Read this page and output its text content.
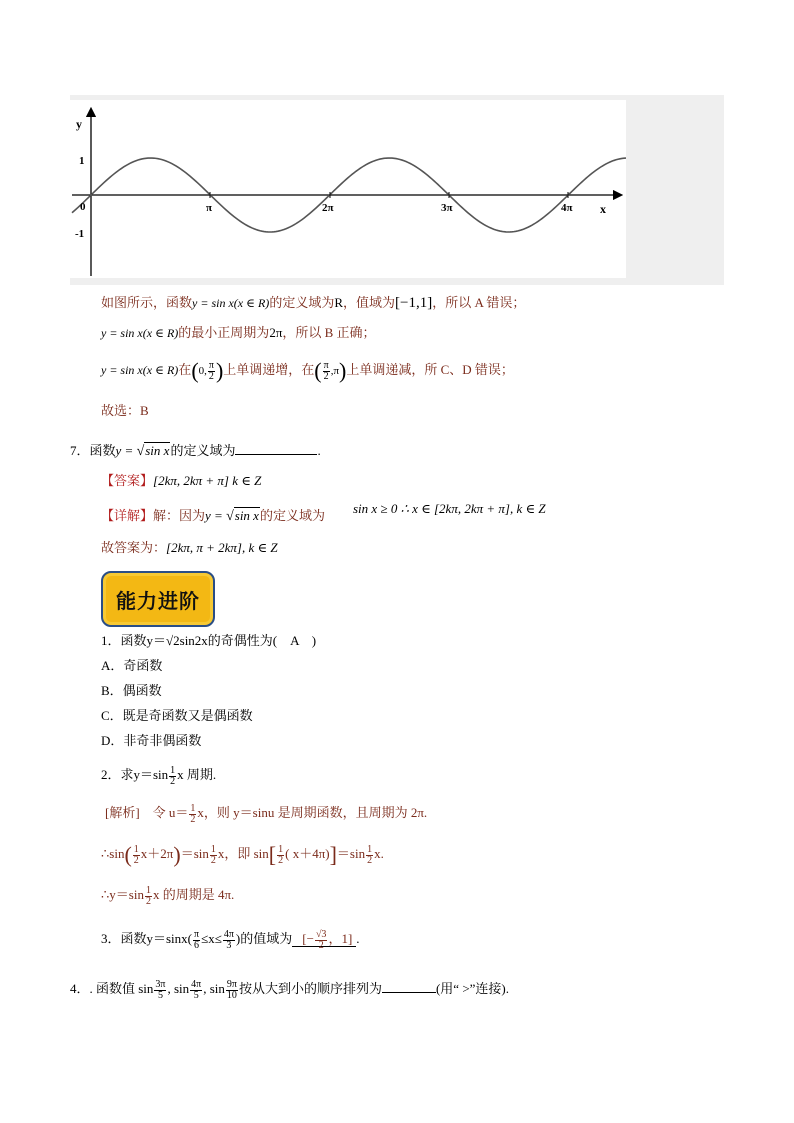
y
x
1
-1
0	π	2π	3π	4π
如图所示，函数y = sin x(x ∈ R)的定义域为R，值域为[−1,1]，所以 A 错误；
y = sin x(x ∈ R)的最小正周期为2π，所以 B 正确；
y = sin x(x ∈ R)在(0, $\frac{\pi}{2}$ )上单调递增，在( $\frac{\pi}{2} ,\pi$)上单调递减，所 C、D 错误；
故选：B
7．函数y = √sin x的定义域为	.
【答案】[2kπ, 2kπ + π] k ∈ Z
【详解】解：因为y = √sin x的定义域为 sin x ≥ 0 ∴ x ∈ [2kπ, 2kπ + π], k ∈ Z
故答案为：[2kπ, π + 2kπ], k ∈ Z
能力进阶
1．函数y＝√2sin2x的奇偶性为(　A　)
A．奇函数
B．偶函数
C．既是奇函数又是偶函数
D．非奇非偶函数
2．求$y=\sin \frac{1}{2}$ x 周期.
[解析]　令 $u= \frac{1}{2}$ x，则 y＝sinu 是周期函数，且周期为 2π.
∴sin( $\frac{1}{2} x+2\pi)=\sin \frac{1}{2}$ x，即 $\sin[ \frac{1}{2}$ ( $x+4\pi)]=\sin \frac{1}{2} x$.
∴y＝sin $\frac{1}{2}$ x 的周期是 4π.
3．函数$y=\sin x( \frac{\pi}{6} \le x\le \frac{4\pi}{3}$ )的值域为 [− $\frac{√3}{2}$ ，1] .
4．. 函数值 $\sin \frac{3\pi}{5}$ , $\sin \frac{4\pi}{5}$ , $\sin \frac{9\pi}{10}$ 按从大到小的顺序排列为	(用“ >”连接).
